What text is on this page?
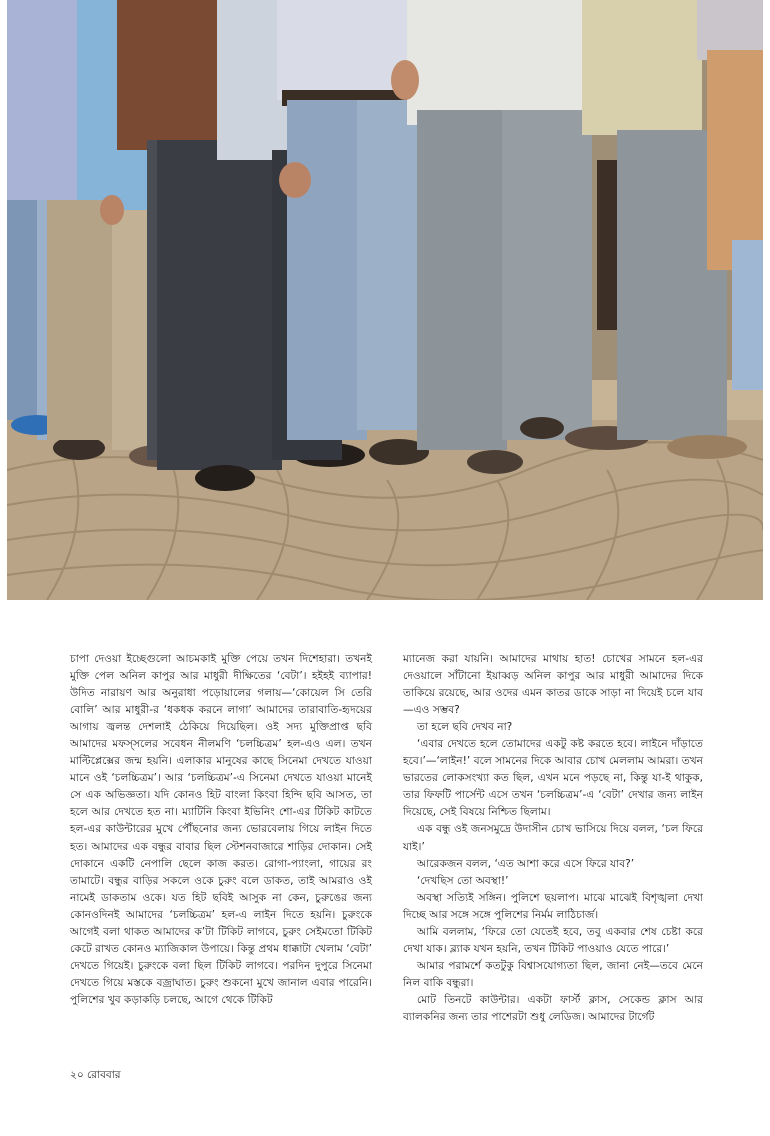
চাপা দেওয়া ইচ্ছেগুলো আচমকাই মুক্তি পেয়ে তখন দিশেহারা। তখনই মুক্তি পেল অনিল কাপুর আর মাধুরী দীক্ষিতের ‘বেটা’। হইহই ব্যাপার! উদিত নারায়ণ আর অনুরাধা পড়োয়ালের গলায়—‘কোয়েল সি তেরি বোলি’ আর মাধুরী-র ‘ধকধক করনে লাগা’ আমাদের তারাবাতি-হৃদয়ের আগায় জ্বলন্ত দেশলাই ঠেকিয়ে দিয়েছিল। ওই সদ্য মুক্তিপ্রাপ্ত ছবি আমাদের মফস্সলের সবেধন নীলমণি ‘চলচ্চিত্রম’ হল-এও এল। তখন মাল্টিপ্লেক্সের জন্ম হয়নি। এলাকার মানুষের কাছে সিনেমা দেখতে যাওয়া মানে ওই ‘চলচ্চিত্রম’। আর ‘চলচ্চিত্রম’-এ সিনেমা দেখতে যাওয়া মানেই সে এক অভিজ্ঞতা। যদি কোনও হিট বাংলা কিংবা হিন্দি ছবি আসত, তা হলে আর দেখতে হত না। ম্যাটিনি কিংবা ইভিনিং শো-এর টিকিট কাটতে হল-এর কাউন্টারের মুখে পৌঁছনোর জন্য ভোরবেলায় গিয়ে লাইন দিতে হত। আমাদের এক বন্ধুর বাবার ছিল স্টেশনবাজারে শাড়ির দোকান। সেই দোকানে একটি নেপালি ছেলে কাজ করত। রোগা-প্যাংলা, গায়ের রং তামাটে। বন্ধুর বাড়ির সকলে ওকে চুরুং বলে ডাকত, তাই আমরাও ওই নামেই ডাকতাম ওকে। যত হিট ছবিই আসুক না কেন, চুরুঙের জন্য কোনওদিনই আমাদের ‘চলচ্চিত্রম’ হল-এ লাইন দিতে হয়নি। চুরুংকে আগেই বলা থাকত আমাদের ক’টা টিকিট লাগবে, চুরুং সেইমতো টিকিট কেটে রাখত কোনও ম্যাজিকাল উপায়ে। কিন্তু প্রথম ধাক্কাটা খেলাম ‘বেটা’ দেখতে গিয়েই। চুরুংকে বলা ছিল টিকিট লাগবে। পরদিন দুপুরে সিনেমা দেখতে গিয়ে মস্তকে বজ্রাঘাত। চুরুং শুকনো মুখে জানাল এবার পারেনি। পুলিশের খুব কড়াকড়ি চলছে, আগে থেকে টিকিট

ম্যানেজ করা যায়নি। আমাদের মাথায় হাত! চোখের সামনে হল-এর দেওয়ালে সাঁটানো ইয়াব্বড় অনিল কাপুর আর মাধুরী আমাদের দিকে তাকিয়ে রয়েছে, আর ওদের এমন কাতর ডাকে সাড়া না দিয়েই চলে যাব—এও সম্ভব?

তা হলে ছবি দেখব না?

‘এবার দেখতে হলে তোমাদের একটু কষ্ট করতে হবে। লাইনে দাঁড়াতে হবে।’—‘লাইন!’ বলে সামনের দিকে আবার চোখ মেললাম আমরা। তখন ভারতের লোকসংখ্যা কত ছিল, এখন মনে পড়ছে না, কিন্তু যা-ই থাকুক, তার ফিফটি পার্সেন্ট এসে তখন ‘চলচ্চিত্রম’-এ ‘বেটা’ দেখার জন্য লাইন দিয়েছে, সেই বিষয়ে নিশ্চিত ছিলাম।

এক বন্ধু ওই জনসমুদ্রে উদাসীন চোখ ভাসিয়ে দিয়ে বলল, ‘চল ফিরে যাই।’

আরেকজন বলল, ‘এত আশা করে এসে ফিরে যাব?’

‘দেখছিস তো অবস্থা!’

অবস্থা সত্যিই সঙ্গিন। পুলিশে ছয়লাপ। মাঝে মাঝেই বিশৃঙ্খলা দেখা দিচ্ছে আর সঙ্গে সঙ্গে পুলিশের নির্মম লাঠিচার্জ।

আমি বললাম, ‘ফিরে তো যেতেই হবে, তবু একবার শেষ চেষ্টা করে দেখা যাক। ব্ল্যাক যখন হয়নি, তখন টিকিট পাওয়াও যেতে পারে।’

আমার পরামর্শে কতটুকু বিশ্বাসযোগ্যতা ছিল, জানা নেই—তবে মেনে নিল বাকি বন্ধুরা।

মোট তিনটে কাউন্টার। একটা ফার্স্ট ক্লাস, সেকেন্ড ক্লাস আর ব্যালকনির জন্য তার পাশেরটা শুধু লেডিজ। আমাদের টার্গেট

২০ রোববার
